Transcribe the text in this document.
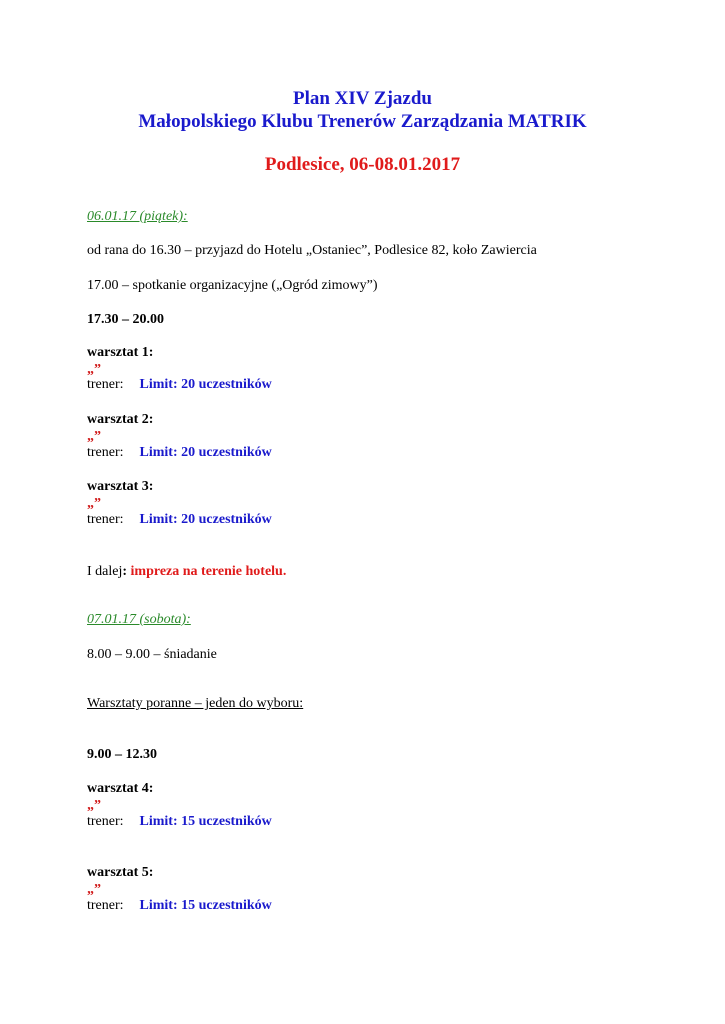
Plan XIV Zjazdu
Małopolskiego Klubu Trenerów Zarządzania MATRIK
Podlesice, 06-08.01.2017
06.01.17 (piątek):
od rana do 16.30 – przyjazd do Hotelu „Ostaniec”, Podlesice 82, koło Zawiercia
17.00 – spotkanie organizacyjne („Ogród zimowy”)
17.30 – 20.00
warsztat 1:
„”
trener: Limit: 20 uczestników
warsztat 2:
„”
trener: Limit: 20 uczestników
warsztat 3:
„”
trener: Limit: 20 uczestników
I dalej: impreza na terenie hotelu.
07.01.17 (sobota):
8.00 – 9.00 – śniadanie
Warsztaty poranne – jeden do wyboru:
9.00 – 12.30
warsztat 4:
„”
trener: Limit: 15 uczestników
warsztat 5:
„”
trener: Limit: 15 uczestników
